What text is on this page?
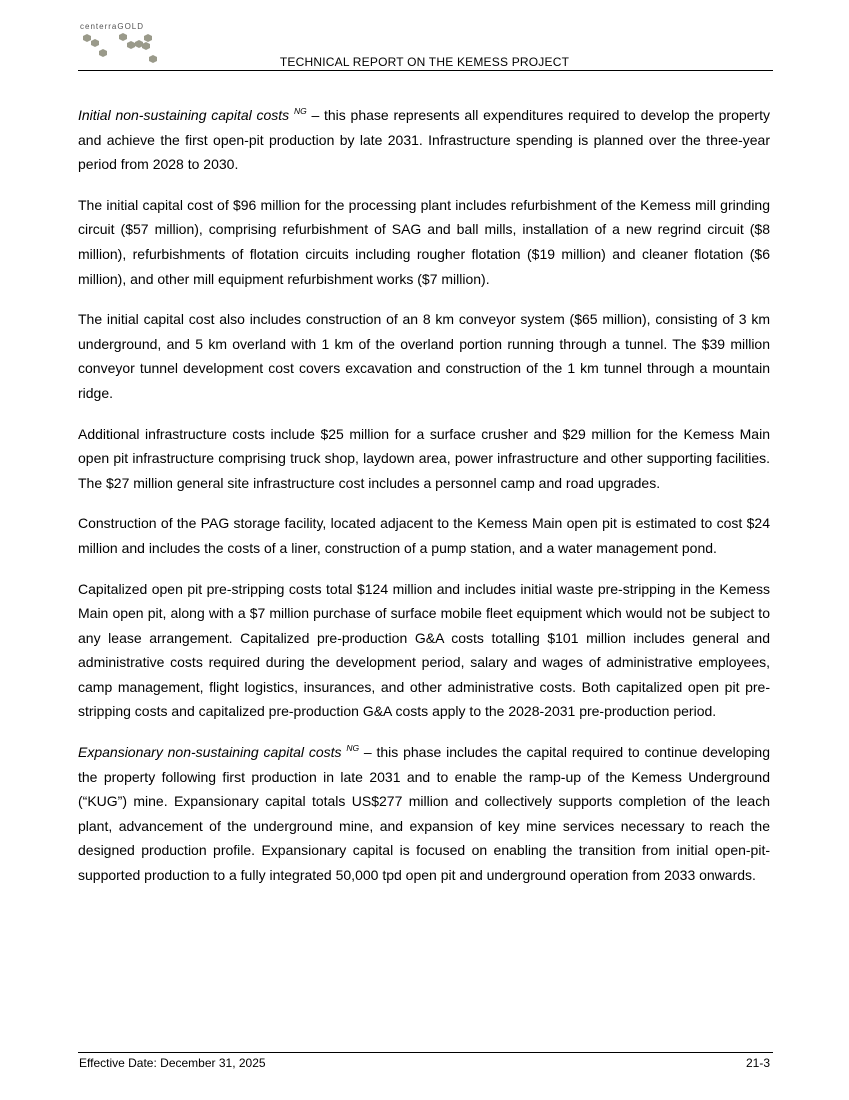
centerraGOLD
TECHNICAL REPORT ON THE KEMESS PROJECT

Initial non-sustaining capital costs $^{NG}$ – this phase represents all expenditures required to develop the property and achieve the first open-pit production by late 2031. Infrastructure spending is planned over the three-year period from 2028 to 2030.

The initial capital cost of $96 million for the processing plant includes refurbishment of the Kemess mill grinding circuit ($57 million), comprising refurbishment of SAG and ball mills, installation of a new regrind circuit ($8 million), refurbishments of flotation circuits including rougher flotation ($19 million) and cleaner flotation ($6 million), and other mill equipment refurbishment works ($7 million).

The initial capital cost also includes construction of an 8 km conveyor system ($65 million), consisting of 3 km underground, and 5 km overland with 1 km of the overland portion running through a tunnel. The $39 million conveyor tunnel development cost covers excavation and construction of the 1 km tunnel through a mountain ridge.

Additional infrastructure costs include $25 million for a surface crusher and $29 million for the Kemess Main open pit infrastructure comprising truck shop, laydown area, power infrastructure and other supporting facilities. The $27 million general site infrastructure cost includes a personnel camp and road upgrades.

Construction of the PAG storage facility, located adjacent to the Kemess Main open pit is estimated to cost $24 million and includes the costs of a liner, construction of a pump station, and a water management pond.

Capitalized open pit pre-stripping costs total $124 million and includes initial waste pre-stripping in the Kemess Main open pit, along with a $7 million purchase of surface mobile fleet equipment which would not be subject to any lease arrangement. Capitalized pre-production G&A costs totalling $101 million includes general and administrative costs required during the development period, salary and wages of administrative employees, camp management, flight logistics, insurances, and other administrative costs. Both capitalized open pit pre-stripping costs and capitalized pre-production G&A costs apply to the 2028-2031 pre-production period.

Expansionary non-sustaining capital costs $^{NG}$ – this phase includes the capital required to continue developing the property following first production in late 2031 and to enable the ramp-up of the Kemess Underground (“KUG”) mine. Expansionary capital totals US$277 million and collectively supports completion of the leach plant, advancement of the underground mine, and expansion of key mine services necessary to reach the designed production profile. Expansionary capital is focused on enabling the transition from initial open-pit-supported production to a fully integrated 50,000 tpd open pit and underground operation from 2033 onwards.

Effective Date: December 31, 2025	21-3
